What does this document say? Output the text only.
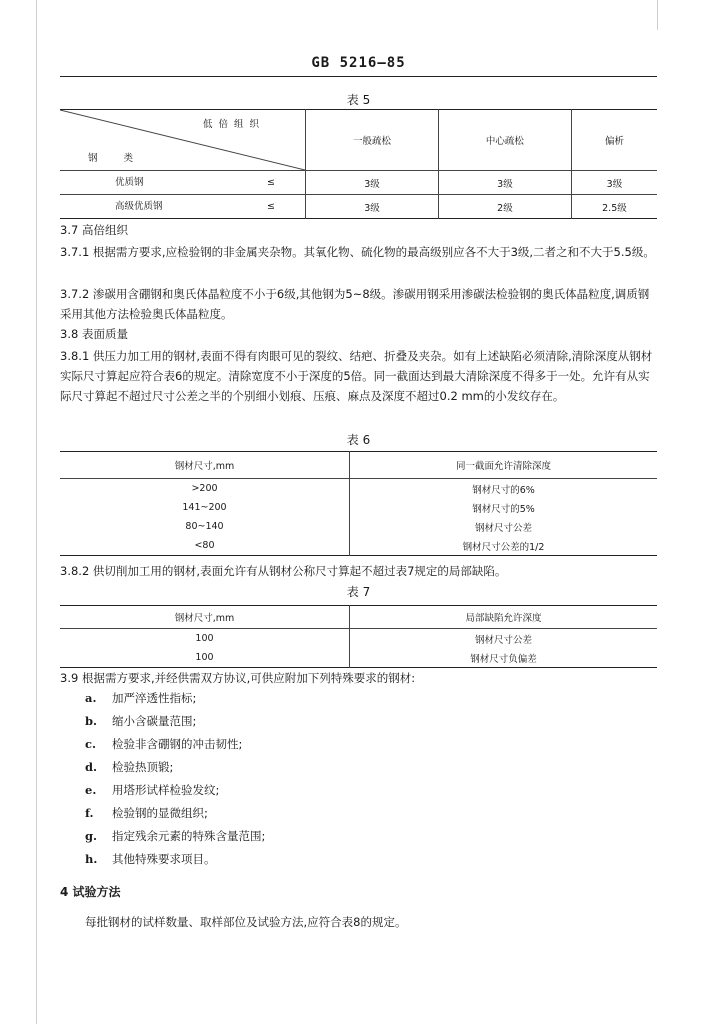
GB 5216—85
表 5
低倍组织
钢类	一般疏松	中心疏松	偏析

优质钢 ≤	3级	3级	3级

高级优质钢 ≤	3级	2级	2.5级
3.7 高倍组织
3.7.1 根据需方要求,应检验钢的非金属夹杂物。其氧化物、硫化物的最高级别应各不大于3级,二者之和不大于5.5级。
3.7.2 渗碳用含硼钢和奥氏体晶粒度不小于6级,其他钢为5~8级。渗碳用钢采用渗碳法检验钢的奥氏体晶粒度,调质钢采用其他方法检验奥氏体晶粒度。
3.8 表面质量
3.8.1 供压力加工用的钢材,表面不得有肉眼可见的裂纹、结疤、折叠及夹杂。如有上述缺陷必须清除,清除深度从钢材实际尺寸算起应符合表6的规定。清除宽度不小于深度的5倍。同一截面达到最大清除深度不得多于一处。允许有从实际尺寸算起不超过尺寸公差之半的个别细小划痕、压痕、麻点及深度不超过0.2 mm的小发纹存在。
表 6
钢材尺寸,mm	同一截面允许清除深度
>200	钢材尺寸的6%
141~200	钢材尺寸的5%
80~140	钢材尺寸公差
<80	钢材尺寸公差的1/2
3.8.2 供切削加工用的钢材,表面允许有从钢材公称尺寸算起不超过表7规定的局部缺陷。
表 7
钢材尺寸,mm	局部缺陷允许深度
100	钢材尺寸公差
100	钢材尺寸负偏差
3.9 根据需方要求,并经供需双方协议,可供应附加下列特殊要求的钢材:
a. 加严淬透性指标;
b. 缩小含碳量范围;
c. 检验非含硼钢的冲击韧性;
d. 检验热顶锻;
e. 用塔形试样检验发纹;
f. 检验钢的显微组织;
g. 指定残余元素的特殊含量范围;
h. 其他特殊要求项目。
4 试验方法
每批钢材的试样数量、取样部位及试验方法,应符合表8的规定。
